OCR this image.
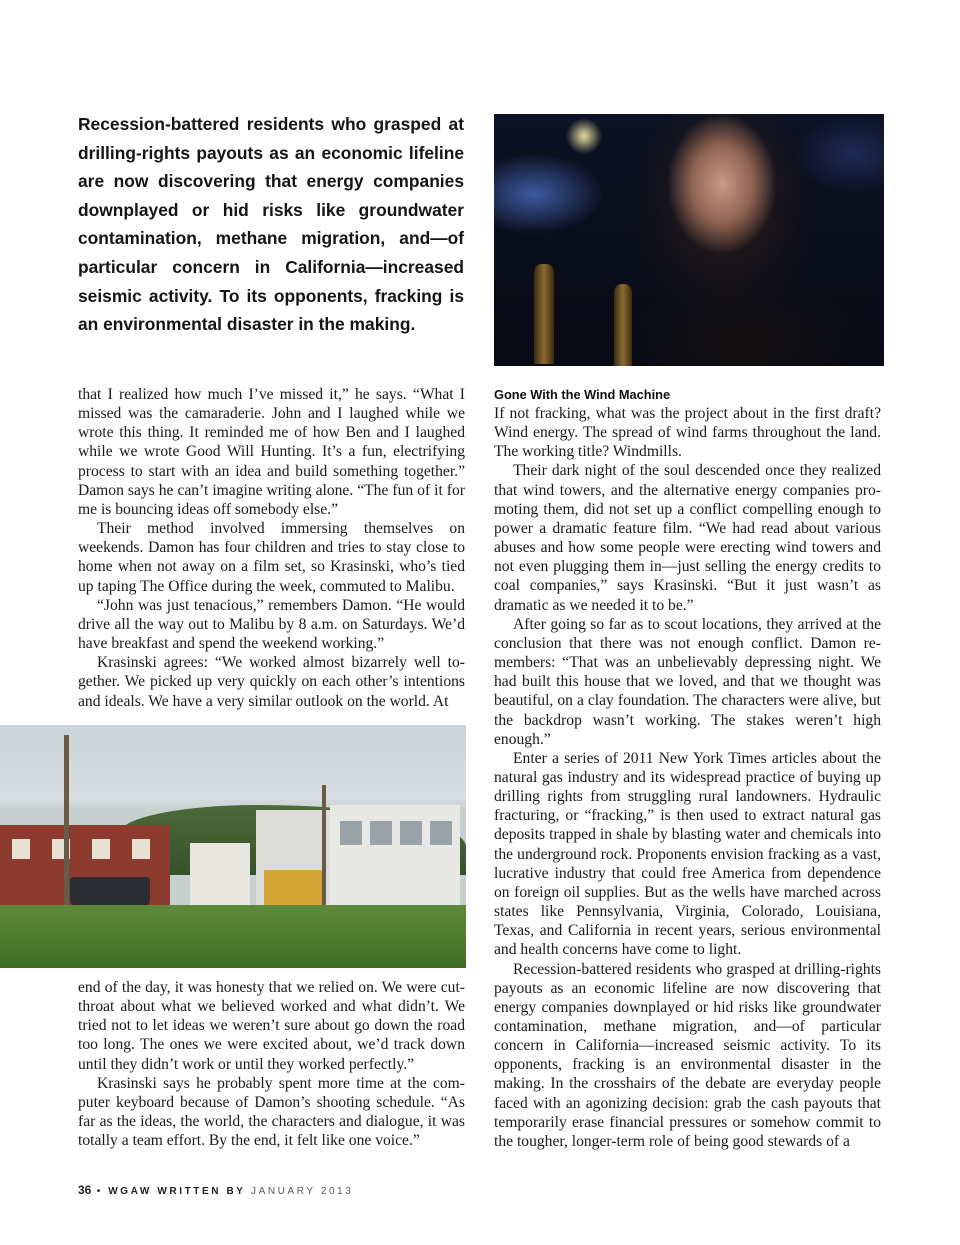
Recession-battered residents who grasped at drilling-rights payouts as an economic lifeline are now discovering that energy companies downplayed or hid risks like groundwater contamination, methane migration, and—of particular concern in California—increased seismic activity. To its opponents, fracking is an environmental disaster in the making.

that I realized how much I’ve missed it,” he says. “What I missed was the camaraderie. John and I laughed while we wrote this thing. It reminded me of how Ben and I laughed while we wrote Good Will Hunting. It’s a fun, electrifying process to start with an idea and build something together.” Damon says he can’t imagine writing alone. “The fun of it for me is bouncing ideas off somebody else.”

Their method involved immersing themselves on weekends. Damon has four children and tries to stay close to home when not away on a film set, so Krasinski, who’s tied up taping The Office during the week, commuted to Malibu.

“John was just tenacious,” remembers Damon. “He would drive all the way out to Malibu by 8 a.m. on Saturdays. We’d have breakfast and spend the weekend working.”

Krasinski agrees: “We worked almost bizarrely well together. We picked up very quickly on each other’s intentions and ideals. We have a very similar outlook on the world. At

end of the day, it was honesty that we relied on. We were cutthroat about what we believed worked and what didn’t. We tried not to let ideas we weren’t sure about go down the road too long. The ones we were excited about, we’d track down until they didn’t work or until they worked perfectly.”

Krasinski says he probably spent more time at the computer keyboard because of Damon’s shooting schedule. “As far as the ideas, the world, the characters and dialogue, it was totally a team effort. By the end, it felt like one voice.”

Gone With the Wind Machine

If not fracking, what was the project about in the first draft? Wind energy. The spread of wind farms throughout the land. The working title? Windmills.

Their dark night of the soul descended once they realized that wind towers, and the alternative energy companies promoting them, did not set up a conflict compelling enough to power a dramatic feature film. “We had read about various abuses and how some people were erecting wind towers and not even plugging them in—just selling the energy credits to coal companies,” says Krasinski. “But it just wasn’t as dramatic as we needed it to be.”

After going so far as to scout locations, they arrived at the conclusion that there was not enough conflict. Damon remembers: “That was an unbelievably depressing night. We had built this house that we loved, and that we thought was beautiful, on a clay foundation. The characters were alive, but the backdrop wasn’t working. The stakes weren’t high enough.”

Enter a series of 2011 New York Times articles about the natural gas industry and its widespread practice of buying up drilling rights from struggling rural landowners. Hydraulic fracturing, or “fracking,” is then used to extract natural gas deposits trapped in shale by blasting water and chemicals into the underground rock. Proponents envision fracking as a vast, lucrative industry that could free America from dependence on foreign oil supplies. But as the wells have marched across states like Pennsylvania, Virginia, Colorado, Louisiana, Texas, and California in recent years, serious environmental and health concerns have come to light.

Recession-battered residents who grasped at drilling-rights payouts as an economic lifeline are now discovering that energy companies downplayed or hid risks like groundwater contamination, methane migration, and—of particular concern in California—increased seismic activity. To its opponents, fracking is an environmental disaster in the making. In the crosshairs of the debate are everyday people faced with an agonizing decision: grab the cash payouts that temporarily erase financial pressures or somehow commit to the tougher, longer-term role of being good stewards of a

36 • WGAW WRITTEN BY JANUARY 2013
